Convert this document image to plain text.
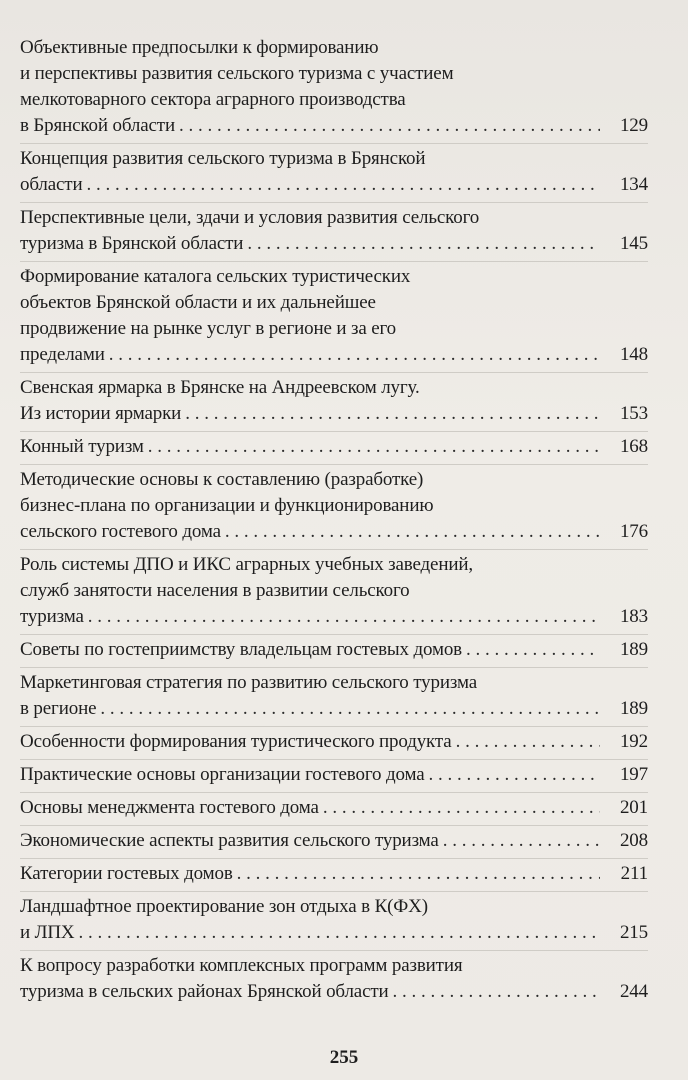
Объективные предпосылки к формированию
и перспективы развития сельского туризма с участием
мелкотоварного сектора аграрного производства
в Брянской области . . .	129
Концепция развития сельского туризма в Брянской
области . . .	134
Перспективные цели, здачи и условия развития сельского
туризма в Брянской области . . .	145
Формирование каталога сельских туристических
объектов Брянской области и их дальнейшее
продвижение на рынке услуг в регионе и за его
пределами . . .	148
Свенская ярмарка в Брянске на Андреевском лугу.
Из истории ярмарки . . .	153
Конный туризм . . .	168
Методические основы к составлению (разработке)
бизнес-плана по организации и функционированию
сельского гостевого дома . . .	176
Роль системы ДПО и ИКС аграрных учебных заведений,
служб занятости населения в развитии сельского
туризма . . .	183
Советы по гостеприимству владельцам гостевых домов . . .	189
Маркетинговая стратегия по развитию сельского туризма
в регионе . . .	189
Особенности формирования туристического продукта . . .	192
Практические основы организации гостевого дома . . .	197
Основы менеджмента гостевого дома . . .	201
Экономические аспекты развития сельского туризма . . .	208
Категории гостевых домов . . .	211
Ландшафтное проектирование зон отдыха в К(ФХ)
и ЛПХ . . .	215
К вопросу разработки комплексных программ развития
туризма в сельских районах Брянской области . . .	244
255
